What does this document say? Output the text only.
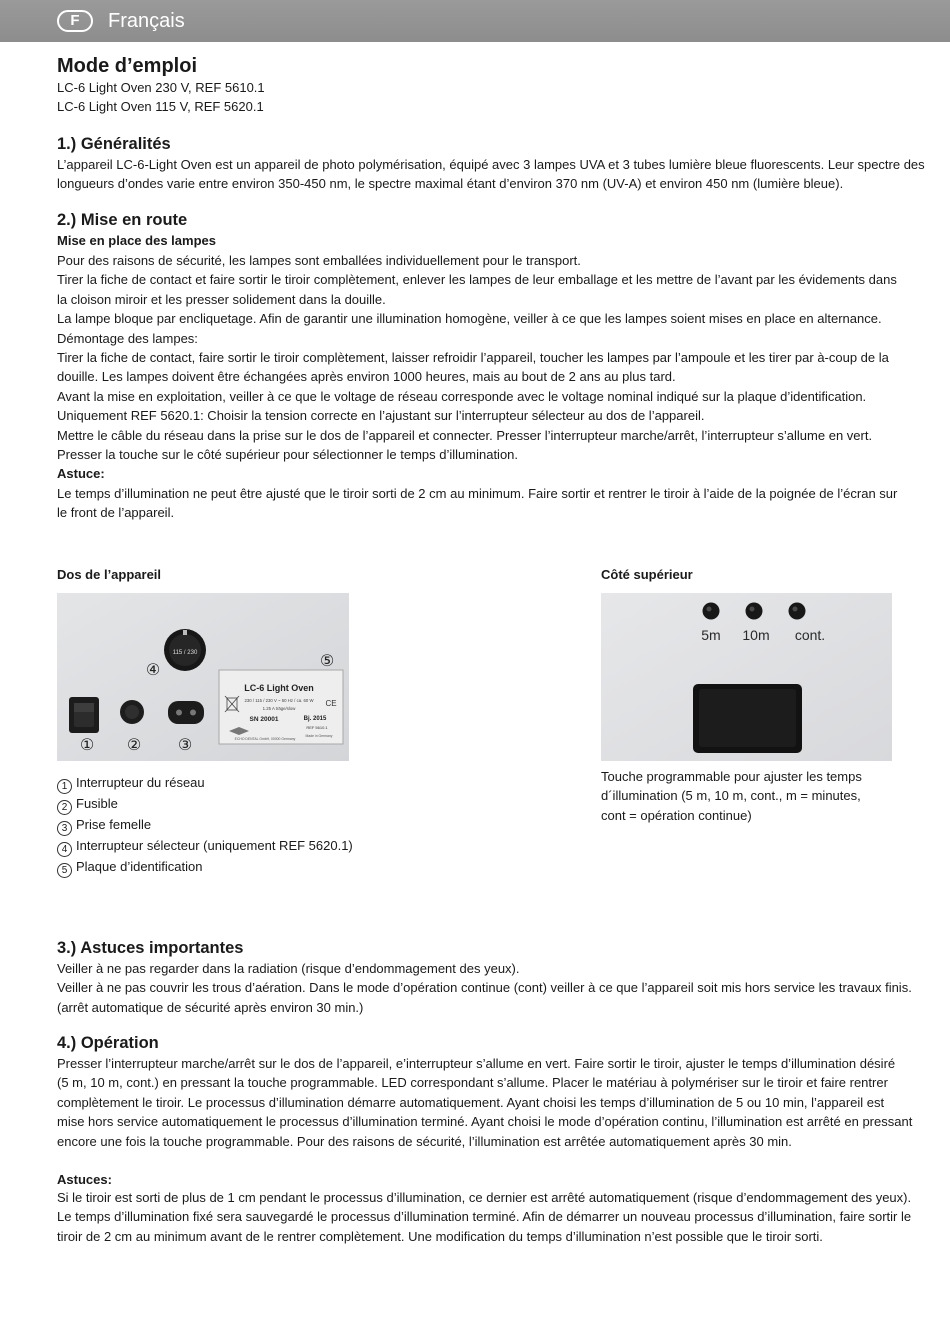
F	Français
Mode d’emploi
LC-6 Light Oven 230 V, REF 5610.1
LC-6 Light Oven 115 V, REF 5620.1
1.) Généralités
L’appareil LC-6-Light Oven est un appareil de photo polymérisation, équipé avec 3 lampes UVA et 3 tubes lumière bleue fluorescents. Leur spectre des
longueurs d’ondes varie entre environ 350-450 nm, le spectre maximal étant d’environ 370 nm (UV-A) et environ 450 nm (lumière bleue).
2.) Mise en route
Mise en place des lampes
Pour des raisons de sécurité, les lampes sont emballées individuellement pour le transport.
Tirer la fiche de contact et faire sortir le tiroir complètement, enlever les lampes de leur emballage et les mettre de l’avant par les évidements dans
la cloison miroir et les presser solidement dans la douille.
La lampe bloque par encliquetage. Afin de garantir une illumination homogène, veiller à ce que les lampes soient mises en place en alternance.
Démontage des lampes:
Tirer la fiche de contact, faire sortir le tiroir complètement, laisser refroidir l’appareil, toucher les lampes par l’ampoule et les tirer par à-coup de la
douille. Les lampes doivent être échangées après environ 1000 heures, mais au bout de 2 ans au plus tard.
Avant la mise en exploitation, veiller à ce que le voltage de réseau corresponde avec le voltage nominal indiqué sur la plaque d’identification.
Uniquement REF 5620.1: Choisir la tension correcte en l’ajustant sur l’interrupteur sélecteur au dos de l’appareil.
Mettre le câble du réseau dans la prise sur le dos de l’appareil et connecter. Presser l’interrupteur marche/arrêt, l’interrupteur s’allume en vert.
Presser la touche sur le côté supérieur pour sélectionner le temps d’illumination.
Astuce:
Le temps d’illumination ne peut être ajusté que le tiroir sorti de 2 cm au minimum. Faire sortir et rentrer le tiroir à l’aide de la poignée de l’écran sur
le front de l’appareil.
Dos de l’appareil
115 / 230
LC-6 Light Oven
230 / 115 / 230 V ~ 50 Hz / ca. 60 W
1.25 A träge/slow
SN 20001	Bj. 2015
REF 5610.1
ECHO DENTAL GmbH, 00000 Germany
Made in Germany
CE
① ② ③
④	⑤
1 Interrupteur du réseau
2 Fusible
3 Prise femelle
4 Interrupteur sélecteur (uniquement REF 5620.1)
5 Plaque d’identification
Côté supérieur
5m 10m cont.
Touche programmable pour ajuster les temps
d´illumination (5 m, 10 m, cont., m = minutes,
cont = opération continue)
3.) Astuces importantes
Veiller à ne pas regarder dans la radiation (risque d’endommagement des yeux).
Veiller à ne pas couvrir les trous d’aération. Dans le mode d’opération continue (cont) veiller à ce que l’appareil soit mis hors service les travaux finis.
(arrêt automatique de sécurité après environ 30 min.)
4.) Opération
Presser l’interrupteur marche/arrêt sur le dos de l’appareil, e’interrupteur s’allume en vert. Faire sortir le tiroir, ajuster le temps d’illumination désiré
(5 m, 10 m, cont.) en pressant la touche programmable. LED correspondant s’allume. Placer le matériau à polymériser sur le tiroir et faire rentrer
complètement le tiroir. Le processus d’illumination démarre automatiquement. Ayant choisi les temps d’illumination de 5 ou 10 min, l’appareil est
mise hors service automatiquement le processus d’illumination terminé. Ayant choisi le mode d’opération continu, l’illumination est arrêté en pressant
encore une fois la touche programmable. Pour des raisons de sécurité, l’illumination est arrêtée automatiquement après 30 min.
Astuces:
Si le tiroir est sorti de plus de 1 cm pendant le processus d’illumination, ce dernier est arrêté automatiquement (risque d’endommagement des yeux).
Le temps d’illumination fixé sera sauvegardé le processus d’illumination terminé. Afin de démarrer un nouveau processus d’illumination, faire sortir le
tiroir de 2 cm au minimum avant de le rentrer complètement. Une modification du temps d’illumination n’est possible que le tiroir sorti.
